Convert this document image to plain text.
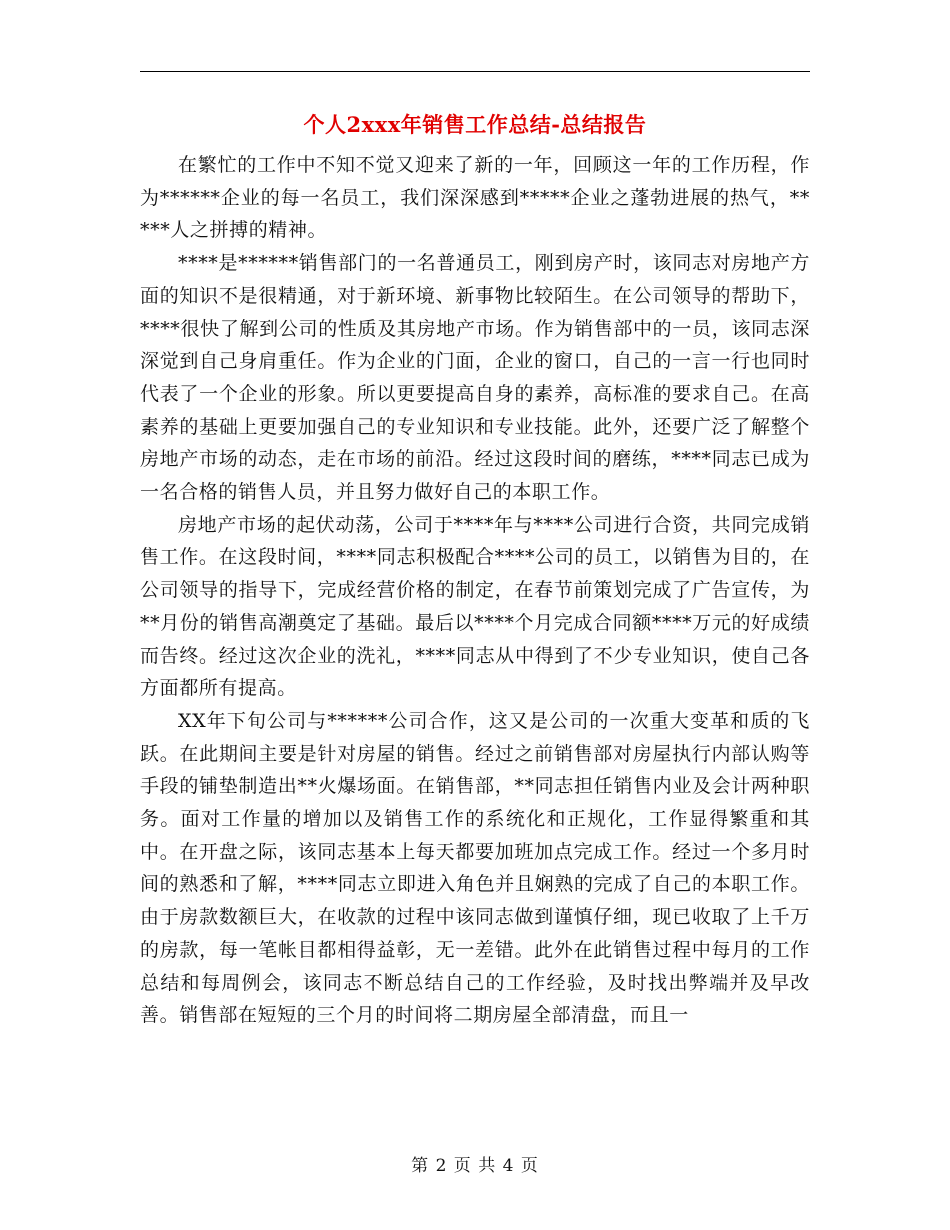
个人2xxx年销售工作总结-总结报告

在繁忙的工作中不知不觉又迎来了新的一年，回顾这一年的工作历程，作为******企业的每一名员工，我们深深感到*****企业之蓬勃进展的热气，*****人之拼搏的精神。

****是******销售部门的一名普通员工，刚到房产时，该同志对房地产方面的知识不是很精通，对于新环境、新事物比较陌生。在公司领导的帮助下，****很快了解到公司的性质及其房地产市场。作为销售部中的一员，该同志深深觉到自己身肩重任。作为企业的门面，企业的窗口，自己的一言一行也同时代表了一个企业的形象。所以更要提高自身的素养，高标准的要求自己。在高素养的基础上更要加强自己的专业知识和专业技能。此外，还要广泛了解整个房地产市场的动态，走在市场的前沿。经过这段时间的磨练，****同志已成为一名合格的销售人员，并且努力做好自己的本职工作。

房地产市场的起伏动荡，公司于****年与****公司进行合资，共同完成销售工作。在这段时间，****同志积极配合****公司的员工，以销售为目的，在公司领导的指导下，完成经营价格的制定，在春节前策划完成了广告宣传，为**月份的销售高潮奠定了基础。最后以****个月完成合同额****万元的好成绩而告终。经过这次企业的洗礼，****同志从中得到了不少专业知识，使自己各方面都所有提高。

XX年下旬公司与******公司合作，这又是公司的一次重大变革和质的飞跃。在此期间主要是针对房屋的销售。经过之前销售部对房屋执行内部认购等手段的铺垫制造出**火爆场面。在销售部，**同志担任销售内业及会计两种职务。面对工作量的增加以及销售工作的系统化和正规化，工作显得繁重和其中。在开盘之际，该同志基本上每天都要加班加点完成工作。经过一个多月时间的熟悉和了解，****同志立即进入角色并且娴熟的完成了自己的本职工作。由于房款数额巨大，在收款的过程中该同志做到谨慎仔细，现已收取了上千万的房款，每一笔帐目都相得益彰，无一差错。此外在此销售过程中每月的工作总结和每周例会，该同志不断总结自己的工作经验，及时找出弊端并及早改善。销售部在短短的三个月的时间将二期房屋全部清盘，而且一

第 2 页 共 4 页
